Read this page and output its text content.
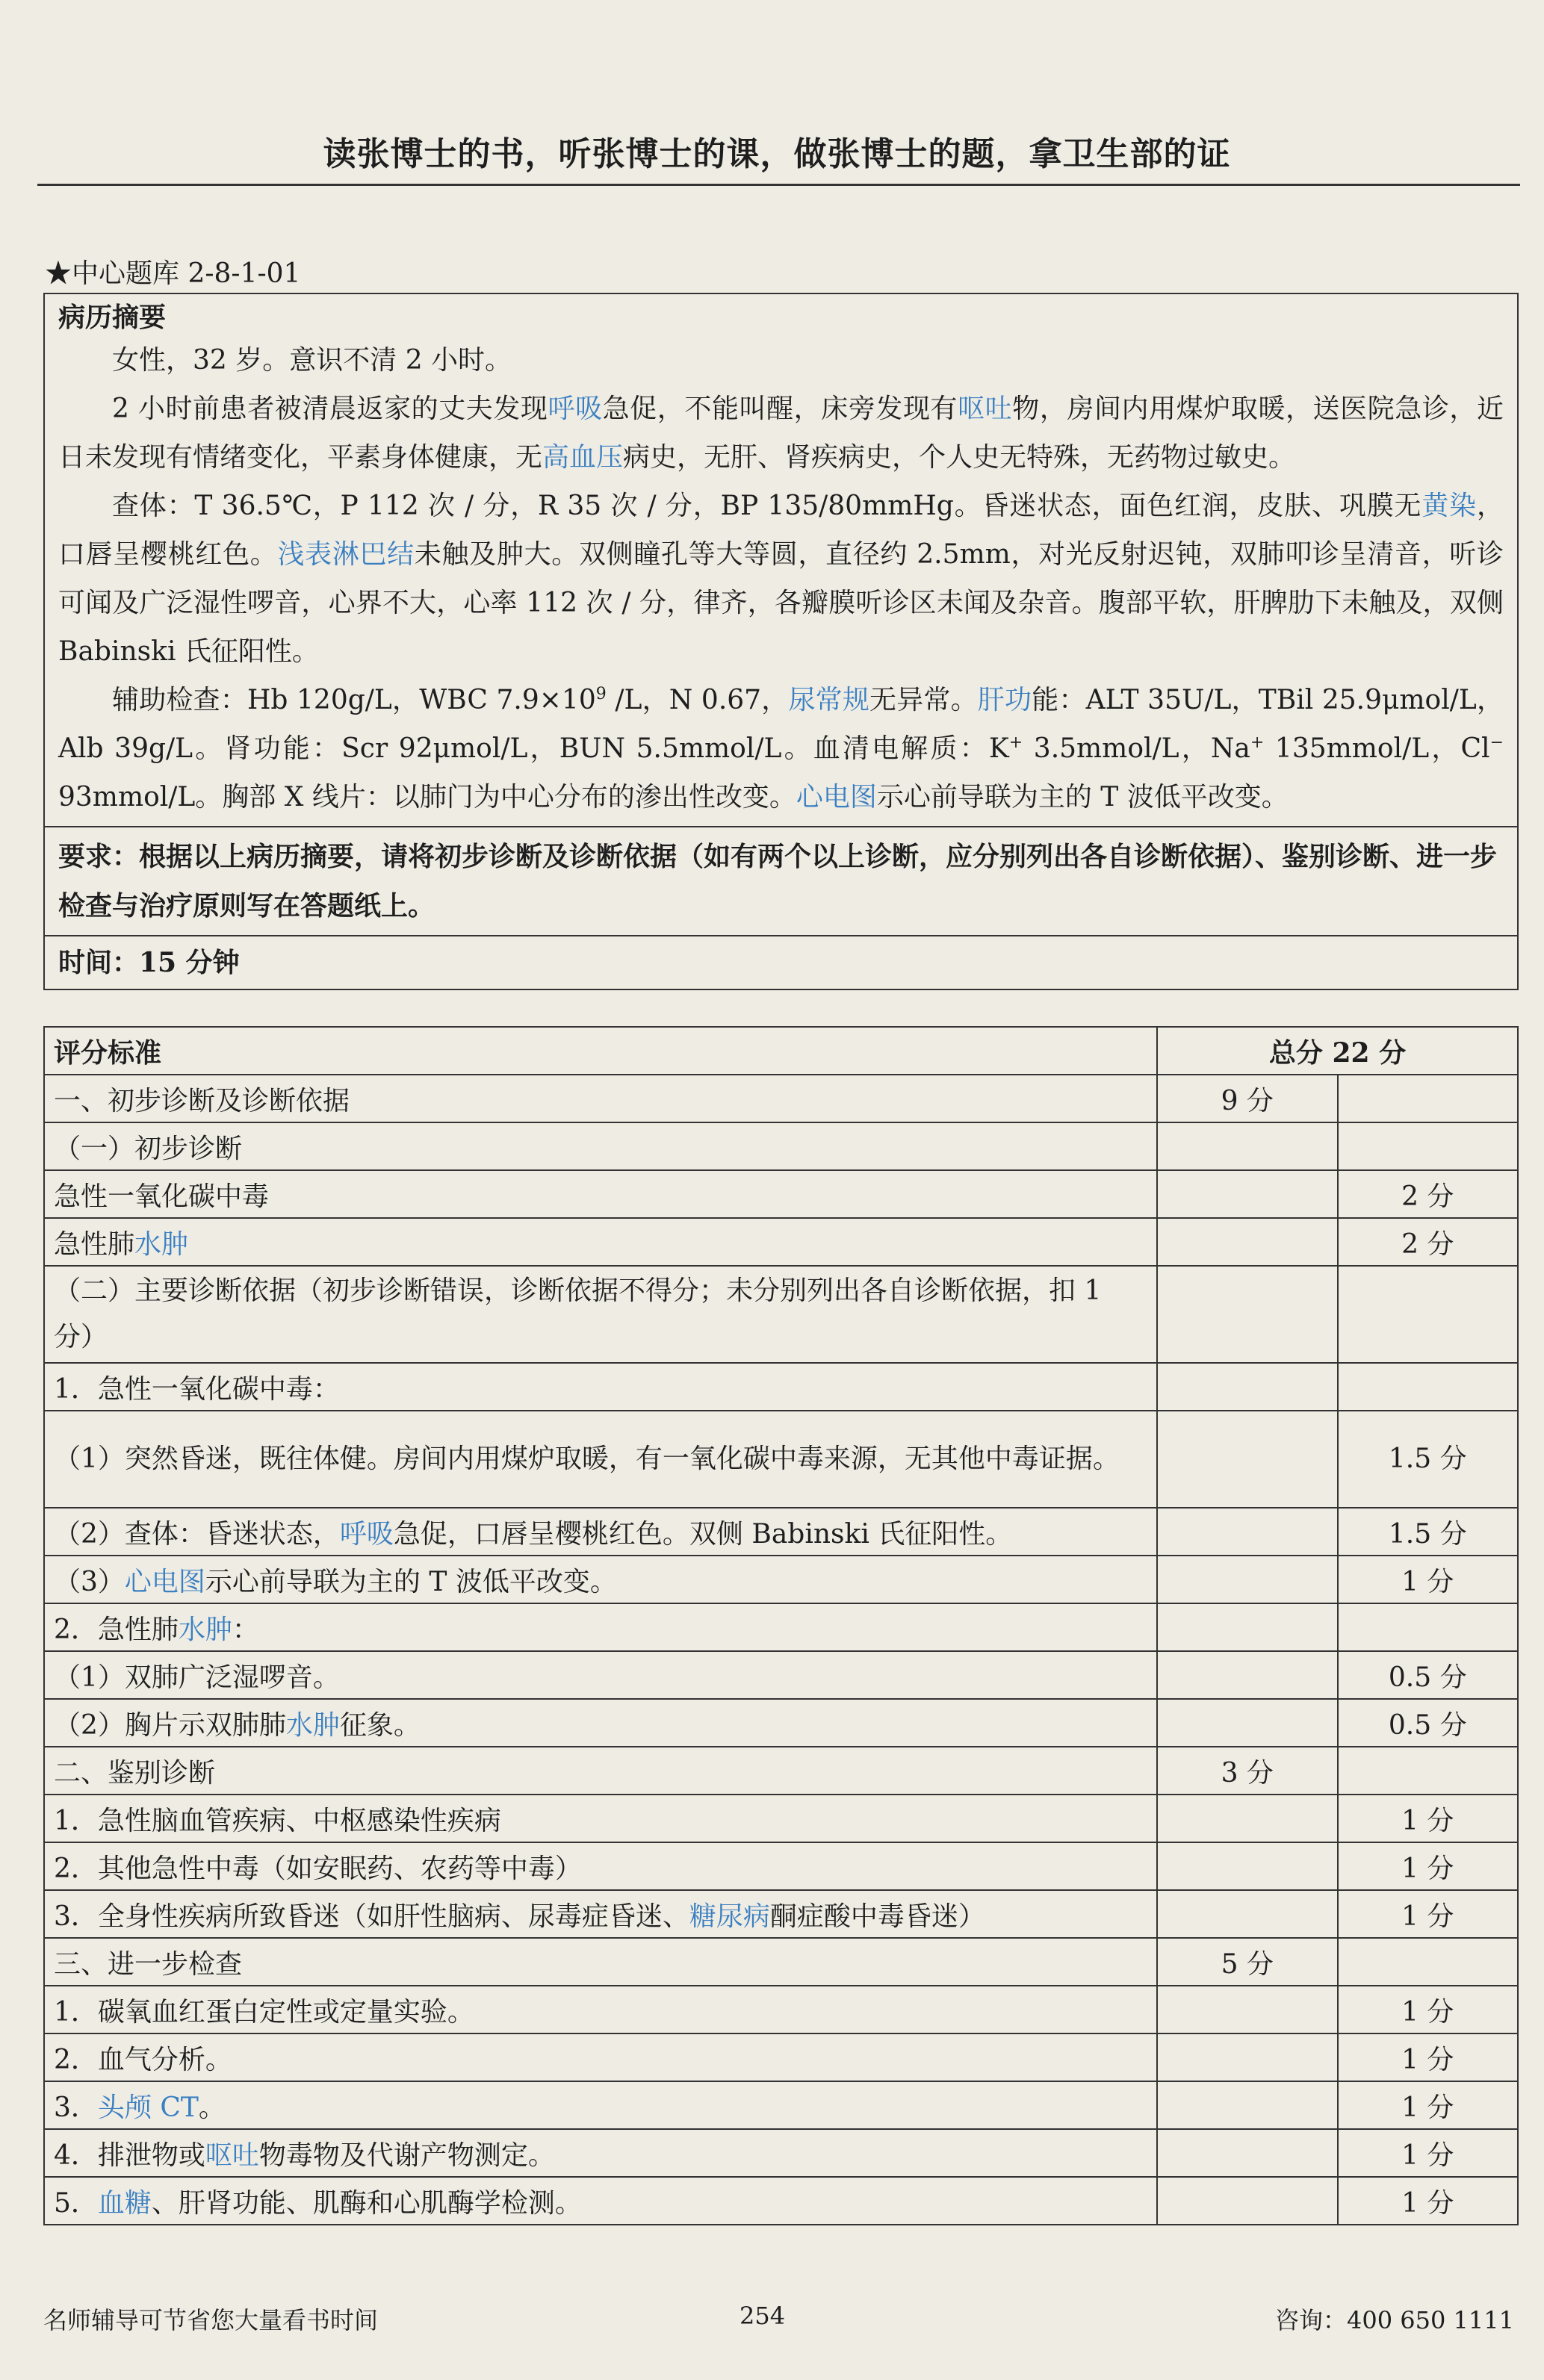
读张博士的书，听张博士的课，做张博士的题，拿卫生部的证
★中心题库 2-8-1-01
病历摘要

女性，32 岁。意识不清 2 小时。

2 小时前患者被清晨返家的丈夫发现呼吸急促，不能叫醒，床旁发现有呕吐物，房间内用煤炉取暖，送医院急诊，近日未发现有情绪变化，平素身体健康，无高血压病史，无肝、肾疾病史，个人史无特殊，无药物过敏史。

查体：T 36.5℃，P 112 次 / 分，R 35 次 / 分，BP 135/80mmHg。昏迷状态，面色红润，皮肤、巩膜无黄染，口唇呈樱桃红色。浅表淋巴结未触及肿大。双侧瞳孔等大等圆，直径约 2.5mm，对光反射迟钝，双肺叩诊呈清音，听诊可闻及广泛湿性啰音，心界不大，心率 112 次 / 分，律齐，各瓣膜听诊区未闻及杂音。腹部平软，肝脾肋下未触及，双侧 Babinski 氏征阳性。

辅助检查：Hb 120g/L，WBC $7.9\times 10^9$ /L，N 0.67，尿常规无异常。肝功能：ALT 35U/L，TBil 25.9μmol/L，Alb 39g/L。肾功能：Scr 92μmol/L，BUN 5.5mmol/L。血清电解质：K+ 3.5mmol/L，Na+ 135mmol/L，Cl− 93mmol/L。胸部 X 线片：以肺门为中心分布的渗出性改变。心电图示心前导联为主的 T 波低平改变。

要求：根据以上病历摘要，请将初步诊断及诊断依据（如有两个以上诊断，应分别列出各自诊断依据）、鉴别诊断、进一步检查与治疗原则写在答题纸上。
时间：15 分钟
评分标准	总分 22 分	
一、初步诊断及诊断依据	9 分	
（一）初步诊断		
急性一氧化碳中毒		2 分
急性肺水肿		2 分
（二）主要诊断依据（初步诊断错误，诊断依据不得分；未分别列出各自诊断依据，扣 1 分）		
1．急性一氧化碳中毒：		
（1）突然昏迷，既往体健。房间内用煤炉取暖，有一氧化碳中毒来源，无其他中毒证据。		1.5 分
（2）查体：昏迷状态，呼吸急促，口唇呈樱桃红色。双侧 Babinski 氏征阳性。		1.5 分
（3）心电图示心前导联为主的 T 波低平改变。		1 分
2．急性肺水肿：		
（1）双肺广泛湿啰音。		0.5 分
（2）胸片示双肺肺水肿征象。		0.5 分
二、鉴别诊断	3 分	
1．急性脑血管疾病、中枢感染性疾病		1 分
2．其他急性中毒（如安眠药、农药等中毒）		1 分
3．全身性疾病所致昏迷（如肝性脑病、尿毒症昏迷、糖尿病酮症酸中毒昏迷）		1 分
三、进一步检查	5 分	
1．碳氧血红蛋白定性或定量实验。		1 分
2．血气分析。		1 分
3．头颅 CT。		1 分
4．排泄物或呕吐物毒物及代谢产物测定。		1 分
5．血糖、肝肾功能、肌酶和心肌酶学检测。		1 分
名师辅导可节省您大量看书时间	254	咨询：400 650 1111
